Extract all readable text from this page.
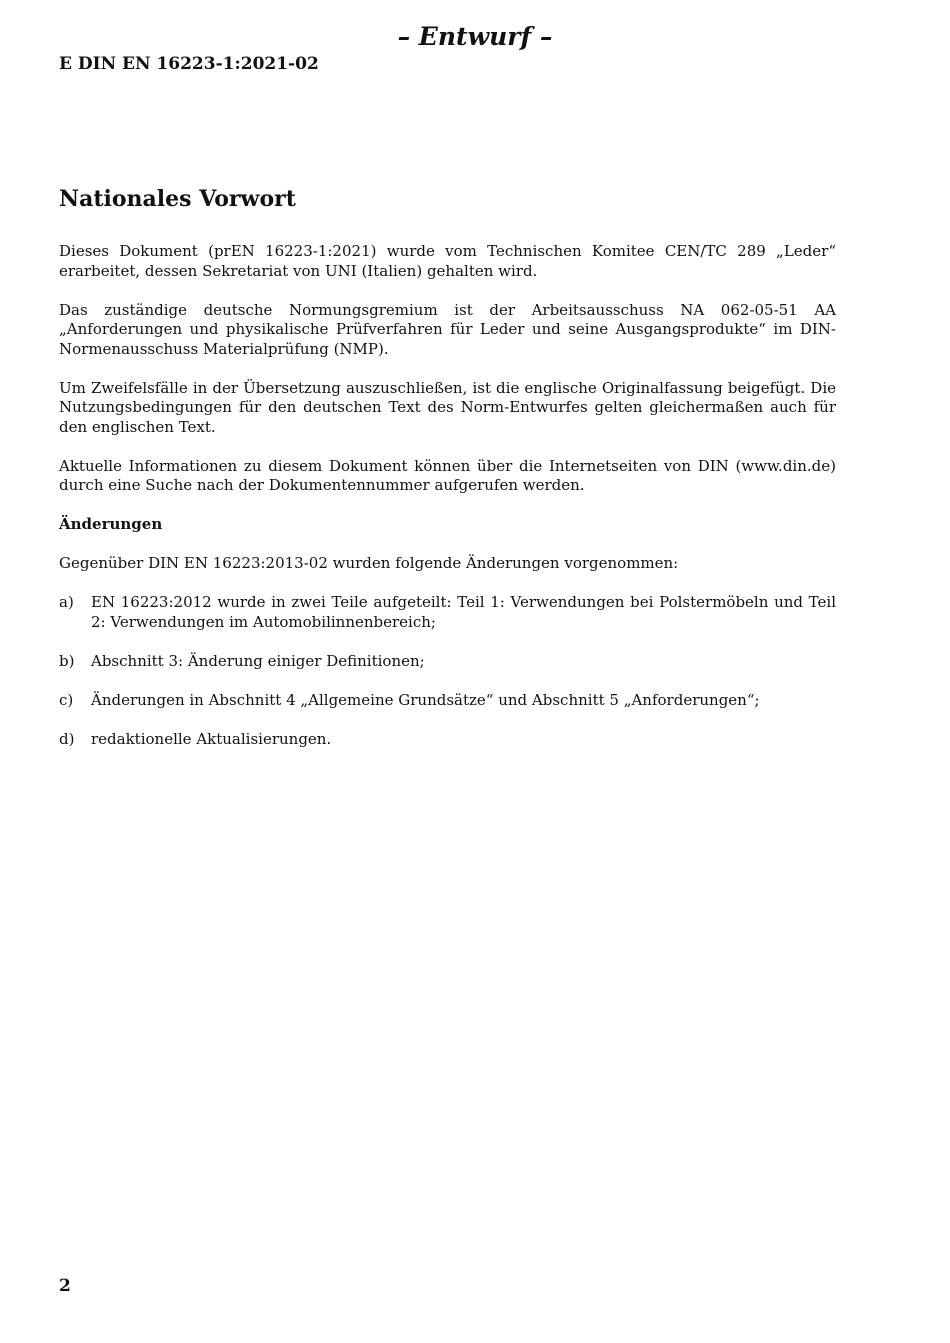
– Entwurf –
E DIN EN 16223-1:2021-02
Nationales Vorwort

Dieses Dokument (prEN 16223-1:2021) wurde vom Technischen Komitee CEN/TC 289 „Leder“ erarbeitet, dessen Sekretariat von UNI (Italien) gehalten wird.

Das zuständige deutsche Normungsgremium ist der Arbeitsausschuss NA 062-05-51 AA „Anforderungen und physikalische Prüfverfahren für Leder und seine Ausgangsprodukte“ im DIN-Normenausschuss Materialprüfung (NMP).

Um Zweifelsfälle in der Übersetzung auszuschließen, ist die englische Originalfassung beigefügt. Die Nutzungsbedingungen für den deutschen Text des Norm-Entwurfes gelten gleichermaßen auch für den englischen Text.

Aktuelle Informationen zu diesem Dokument können über die Internetseiten von DIN (www.din.de) durch eine Suche nach der Dokumentennummer aufgerufen werden.

Änderungen

Gegenüber DIN EN 16223:2013-02 wurden folgende Änderungen vorgenommen:

a)	EN 16223:2012 wurde in zwei Teile aufgeteilt: Teil 1: Verwendungen bei Polstermöbeln und Teil 2: Verwendungen im Automobilinnenbereich;
b)	Abschnitt 3: Änderung einiger Definitionen;
c)	Änderungen in Abschnitt 4 „Allgemeine Grundsätze“ und Abschnitt 5 „Anforderungen“;
d)	redaktionelle Aktualisierungen.
2
